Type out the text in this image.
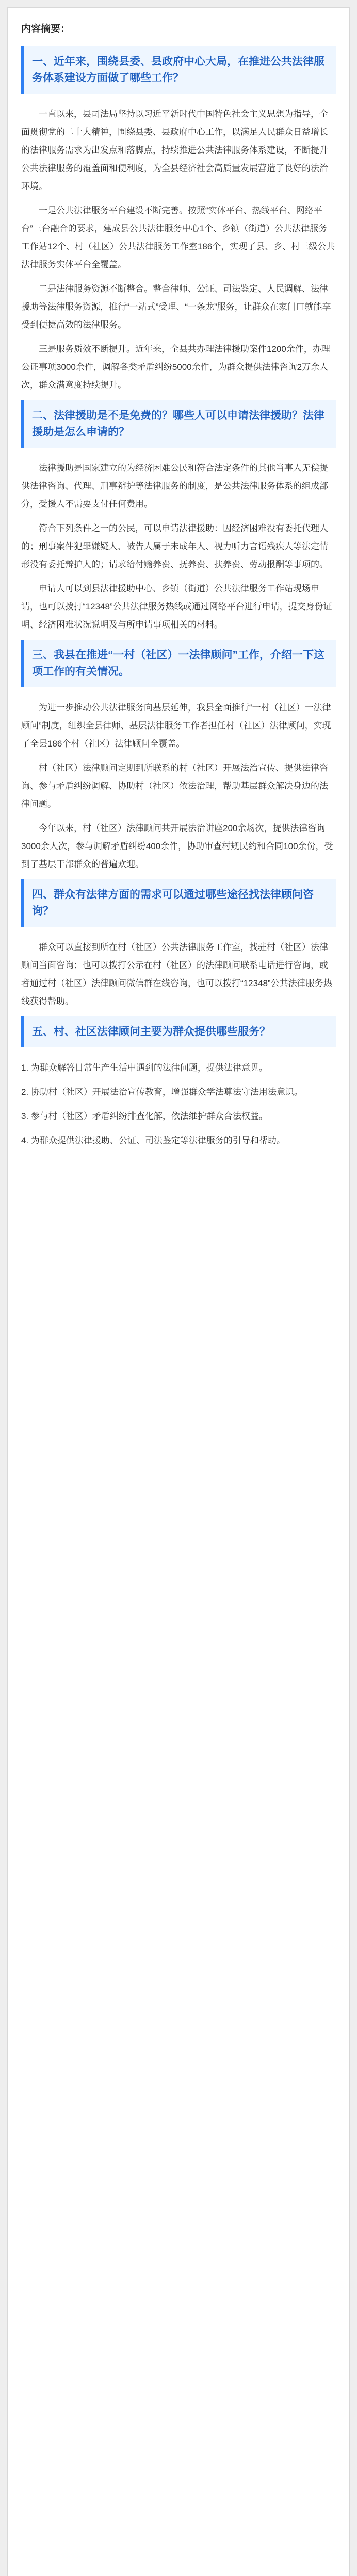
内容摘要：
一、近年来，围绕县委、县政府中心大局，在推进公共法律服务体系建设方面做了哪些工作？

一直以来，县司法局坚持以习近平新时代中国特色社会主义思想为指导，全面贯彻党的二十大精神，围绕县委、县政府中心工作，以满足人民群众日益增长的法律服务需求为出发点和落脚点，持续推进公共法律服务体系建设，不断提升公共法律服务的覆盖面和便利度，为全县经济社会高质量发展营造了良好的法治环境。

一是公共法律服务平台建设不断完善。按照“实体平台、热线平台、网络平台”三台融合的要求，建成县公共法律服务中心1个、乡镇（街道）公共法律服务工作站12个、村（社区）公共法律服务工作室186个，实现了县、乡、村三级公共法律服务实体平台全覆盖。

二是法律服务资源不断整合。整合律师、公证、司法鉴定、人民调解、法律援助等法律服务资源，推行“一站式”受理、“一条龙”服务，让群众在家门口就能享受到便捷高效的法律服务。

三是服务质效不断提升。近年来，全县共办理法律援助案件1200余件，办理公证事项3000余件，调解各类矛盾纠纷5000余件，为群众提供法律咨询2万余人次，群众满意度持续提升。

二、法律援助是不是免费的？哪些人可以申请法律援助？法律援助是怎么申请的？

法律援助是国家建立的为经济困难公民和符合法定条件的其他当事人无偿提供法律咨询、代理、刑事辩护等法律服务的制度，是公共法律服务体系的组成部分，受援人不需要支付任何费用。

符合下列条件之一的公民，可以申请法律援助：因经济困难没有委托代理人的；刑事案件犯罪嫌疑人、被告人属于未成年人、视力听力言语残疾人等法定情形没有委托辩护人的；请求给付赡养费、抚养费、扶养费、劳动报酬等事项的。

申请人可以到县法律援助中心、乡镇（街道）公共法律服务工作站现场申请，也可以拨打“12348”公共法律服务热线或通过网络平台进行申请，提交身份证明、经济困难状况说明及与所申请事项相关的材料。

三、我县在推进“一村（社区）一法律顾问”工作，介绍一下这项工作的有关情况。

为进一步推动公共法律服务向基层延伸，我县全面推行“一村（社区）一法律顾问”制度，组织全县律师、基层法律服务工作者担任村（社区）法律顾问，实现了全县186个村（社区）法律顾问全覆盖。

村（社区）法律顾问定期到所联系的村（社区）开展法治宣传、提供法律咨询、参与矛盾纠纷调解、协助村（社区）依法治理，帮助基层群众解决身边的法律问题。

今年以来，村（社区）法律顾问共开展法治讲座200余场次，提供法律咨询3000余人次，参与调解矛盾纠纷400余件，协助审查村规民约和合同100余份，受到了基层干部群众的普遍欢迎。

四、群众有法律方面的需求可以通过哪些途径找法律顾问咨询？

群众可以直接到所在村（社区）公共法律服务工作室，找驻村（社区）法律顾问当面咨询；也可以拨打公示在村（社区）的法律顾问联系电话进行咨询，或者通过村（社区）法律顾问微信群在线咨询，也可以拨打“12348”公共法律服务热线获得帮助。

五、村、社区法律顾问主要为群众提供哪些服务？

1. 为群众解答日常生产生活中遇到的法律问题，提供法律意见。

2. 协助村（社区）开展法治宣传教育，增强群众学法尊法守法用法意识。

3. 参与村（社区）矛盾纠纷排查化解，依法维护群众合法权益。

4. 为群众提供法律援助、公证、司法鉴定等法律服务的引导和帮助。
